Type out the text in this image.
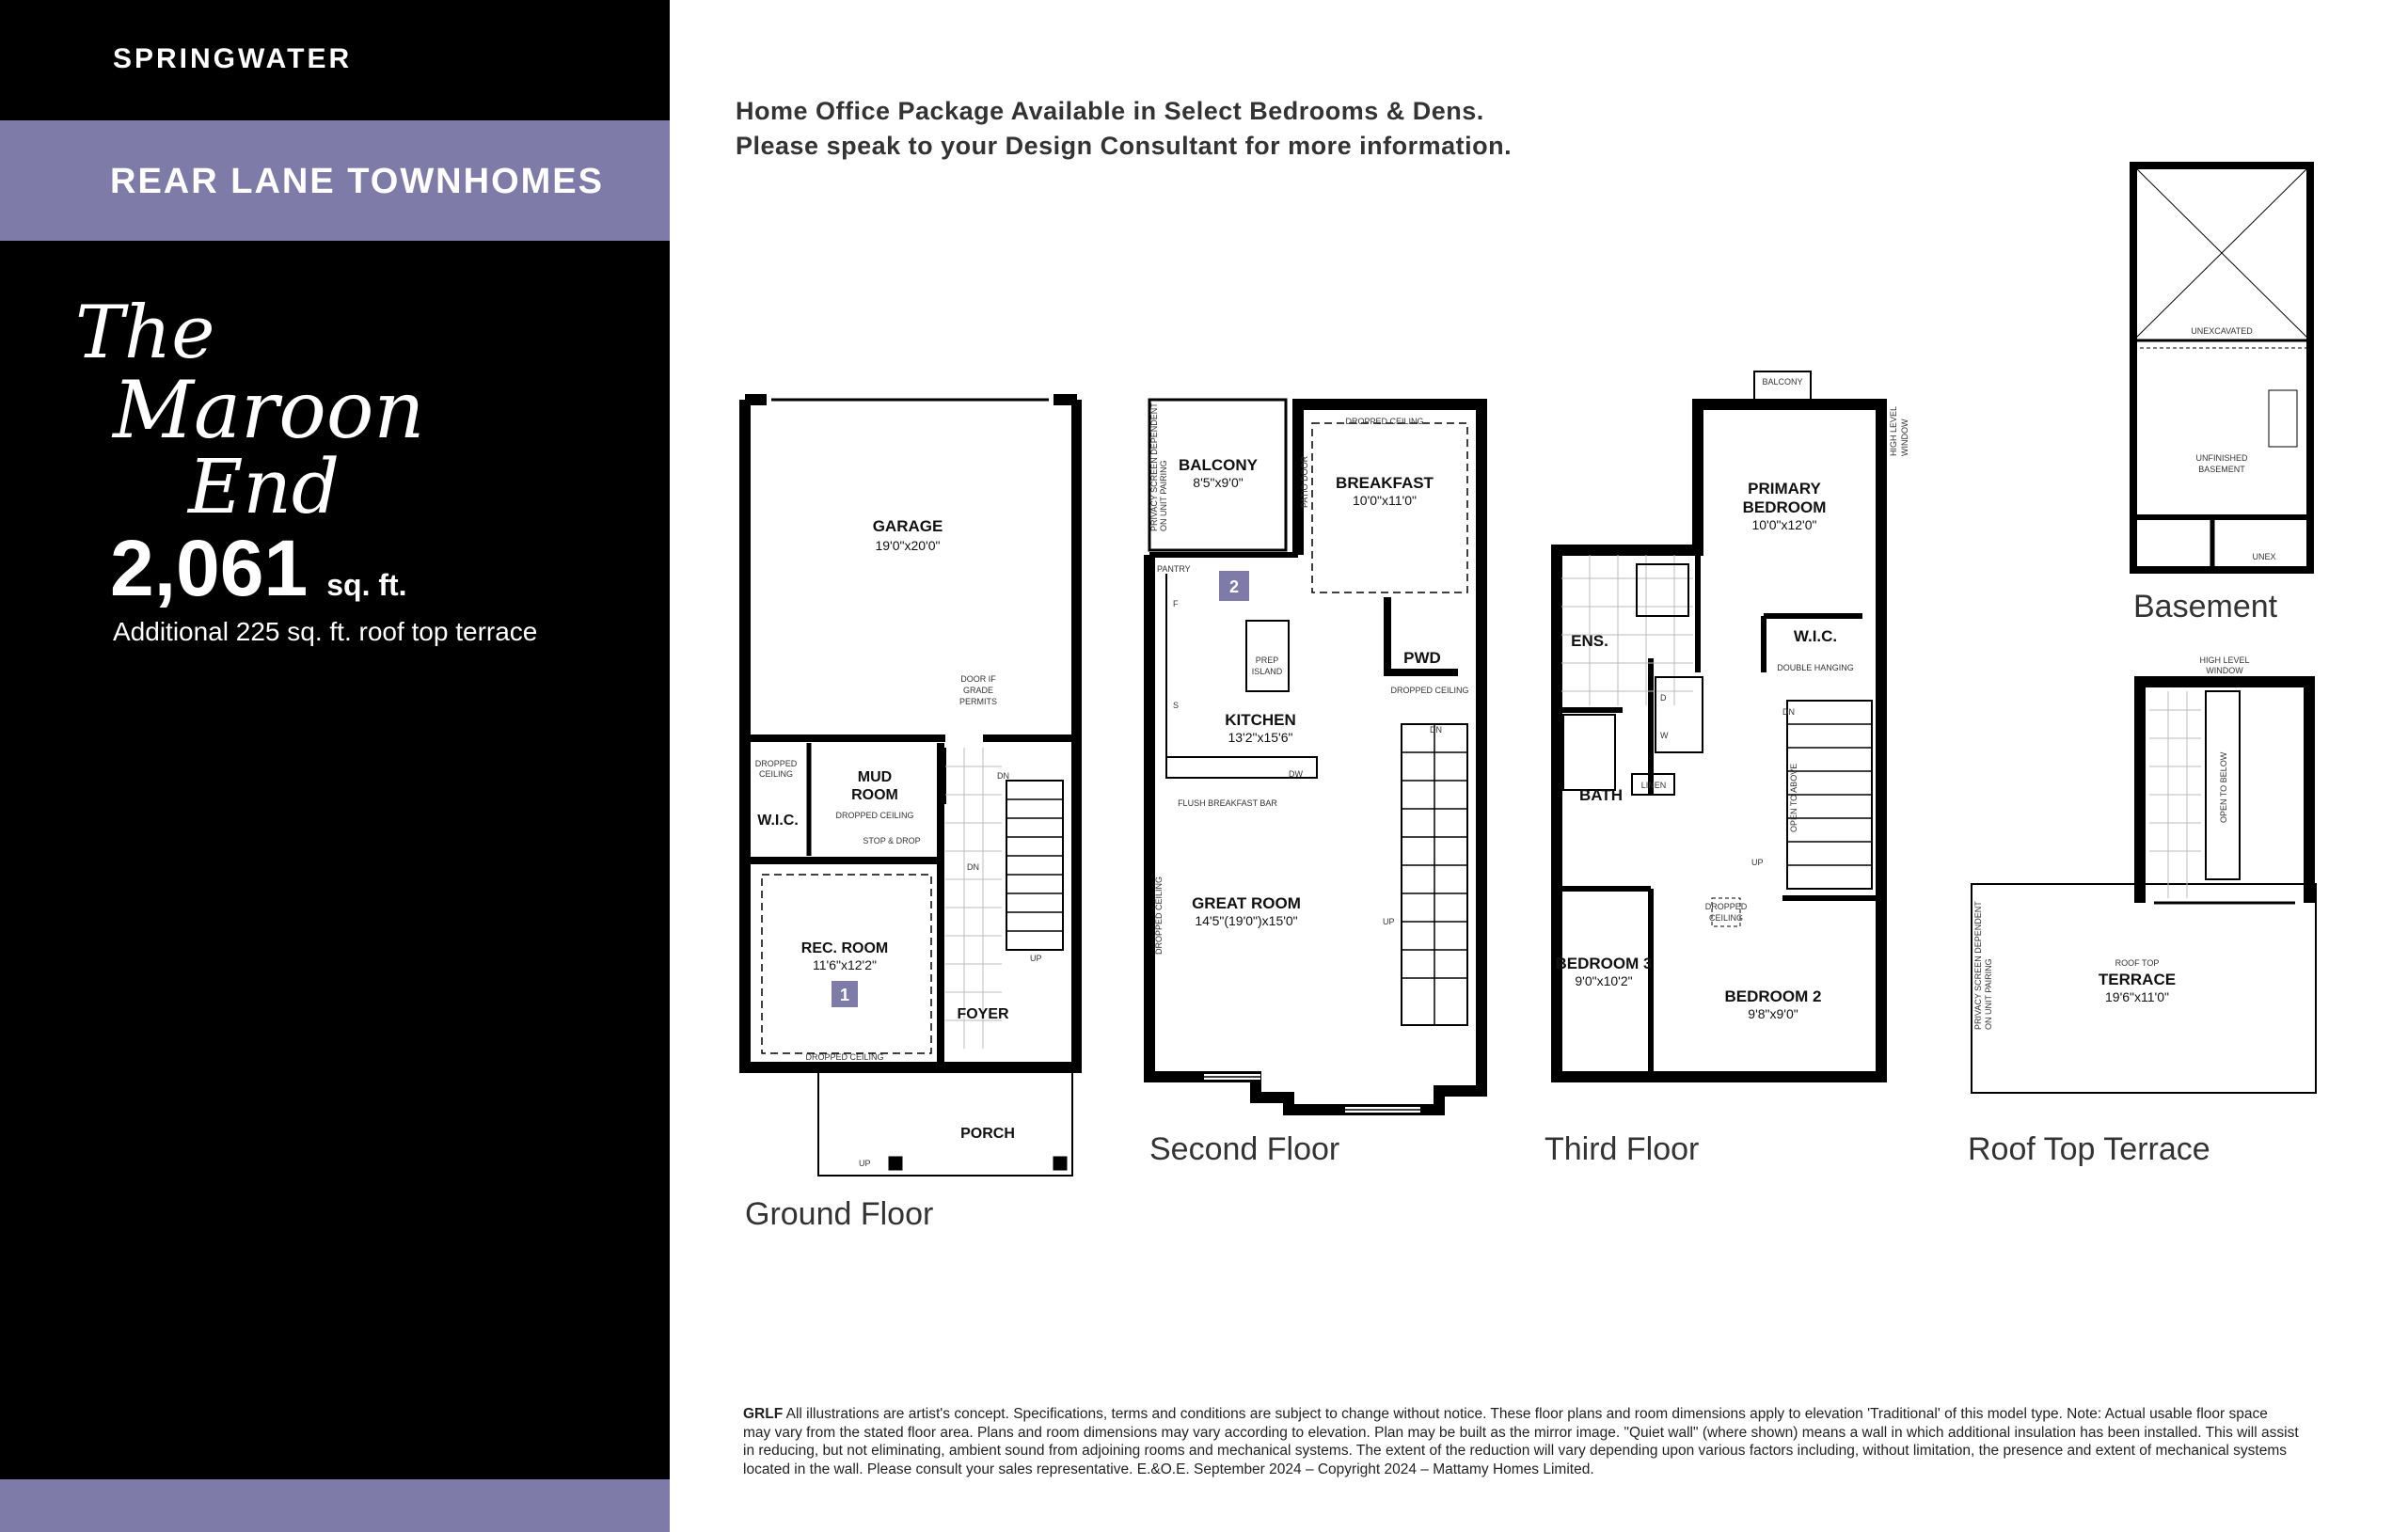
SPRINGWATER
REAR LANE TOWNHOMES
The
Maroon
End
2,061 sq. ft.
Additional 225 sq. ft. roof top terrace
Home Office Package Available in Select Bedrooms & Dens.
Please speak to your Design Consultant for more information.
GARAGE
19'0"x20'0"
DOOR IF
GRADE
PERMITS
DROPPED
CEILING	MUD
ROOM
DROPPED CEILING
W.I.C.
STOP & DROP
DN
DN
UP
REC. ROOM
11'6"x12'2"
1
DROPPED CEILING
FOYER
PORCH
UP
Ground Floor
PRIVACY SCREEN DEPENDENT ON UNIT PAIRING BALCONY
8'5"x9'0"	PATIO DOOR
DROPPED CEILING
BREAKFAST
10'0"x11'0"
PANTRY
2
F
S
PREP
ISLAND
PWD
DROPPED CEILING
DN
UP
KITCHEN
13'2"x15'6"
DW
FLUSH BREAKFAST BAR
DROPPED CEILING GREAT ROOM
14'5"(19'0")x15'0"
Second Floor
BALCONY
HIGH LEVEL WINDOW
PRIMARY
BEDROOM
10'0"x12'0"
ENS.	W.I.C.
DOUBLE HANGING
D
W
LINEN
BATH	OPEN TO ABOVE
DN
UP
DROPPED
CEILING
BEDROOM 3
9'0"x10'2"
BEDROOM 2
9'8"x9'0"
Third Floor
UNEXCAVATED
UNFINISHED
BASEMENT
UNEX
Basement
HIGH LEVEL
WINDOW
OPEN TO BELOW
PRIVACY SCREEN DEPENDENT ON UNIT PAIRING	ROOF TOP
TERRACE
19'6"x11'0"
Roof Top Terrace
GRLF All illustrations are artist's concept. Specifications, terms and conditions are subject to change without notice. These floor plans and room dimensions apply to elevation 'Traditional' of this model type. Note: Actual usable floor space may vary from the stated floor area. Plans and room dimensions may vary according to elevation. Plan may be built as the mirror image. "Quiet wall" (where shown) means a wall in which additional insulation has been installed. This will assist in reducing, but not eliminating, ambient sound from adjoining rooms and mechanical systems. The extent of the reduction will vary depending upon various factors including, without limitation, the presence and extent of mechanical systems located in the wall. Please consult your sales representative. E.&O.E. September 2024 – Copyright 2024 – Mattamy Homes Limited.
